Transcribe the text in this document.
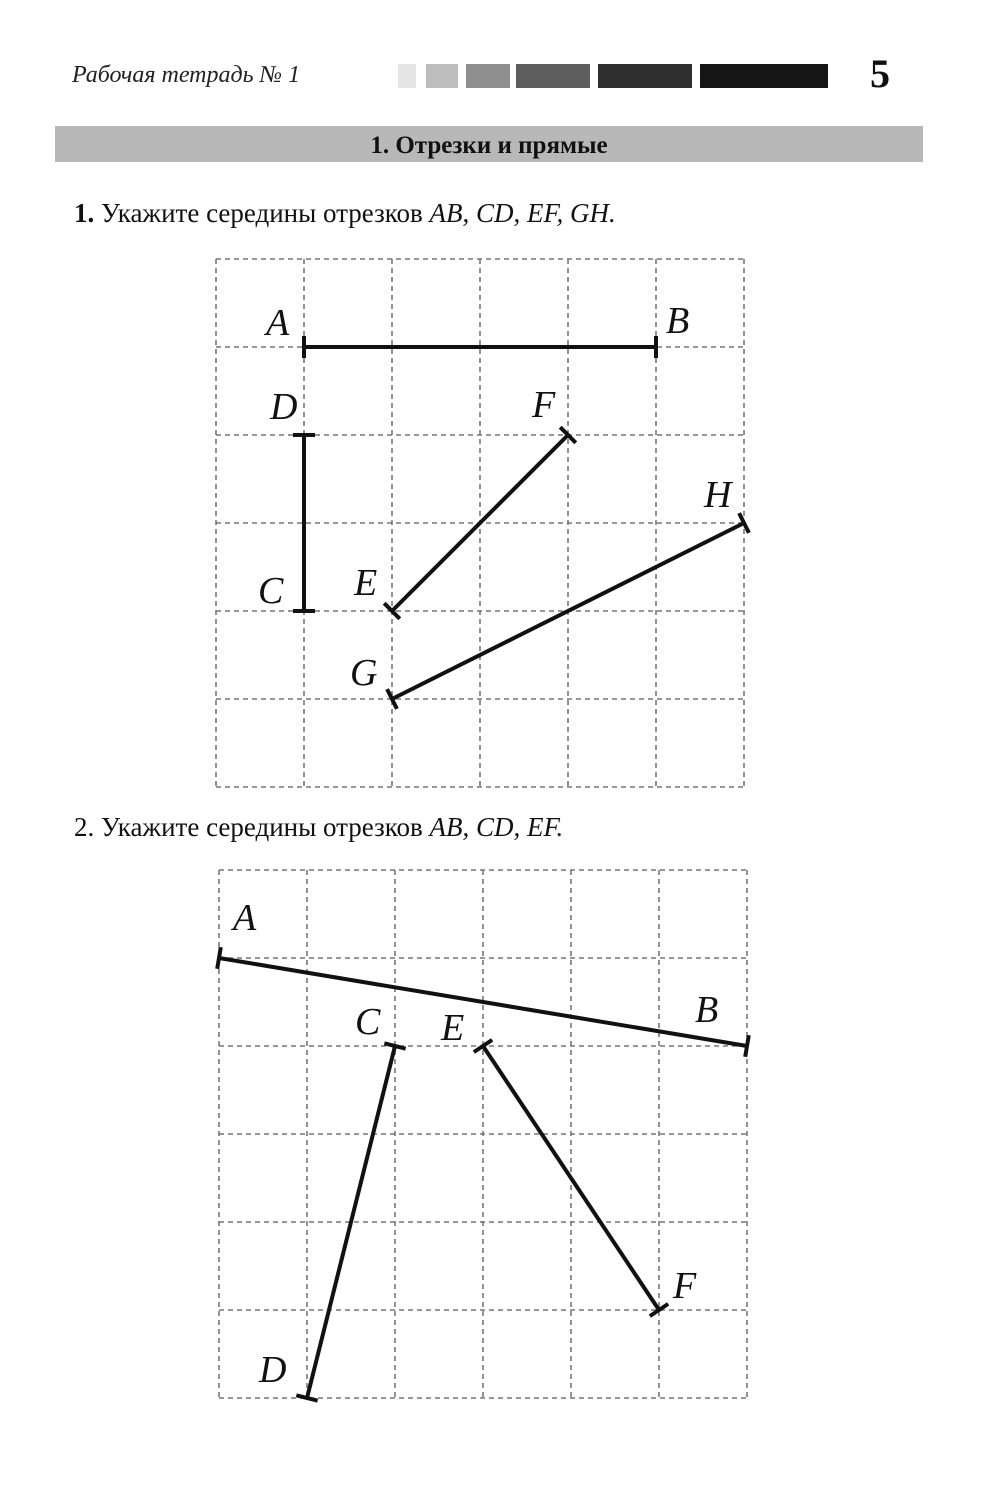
Рабочая тетрадь № 1	5
1. Отрезки и прямые
1. Укажите середины отрезков AB, CD, EF, GH.
2. Укажите середины отрезков AB, CD, EF.
A	B
C
D
E
F
G
H
A
B
C
D
E
F
